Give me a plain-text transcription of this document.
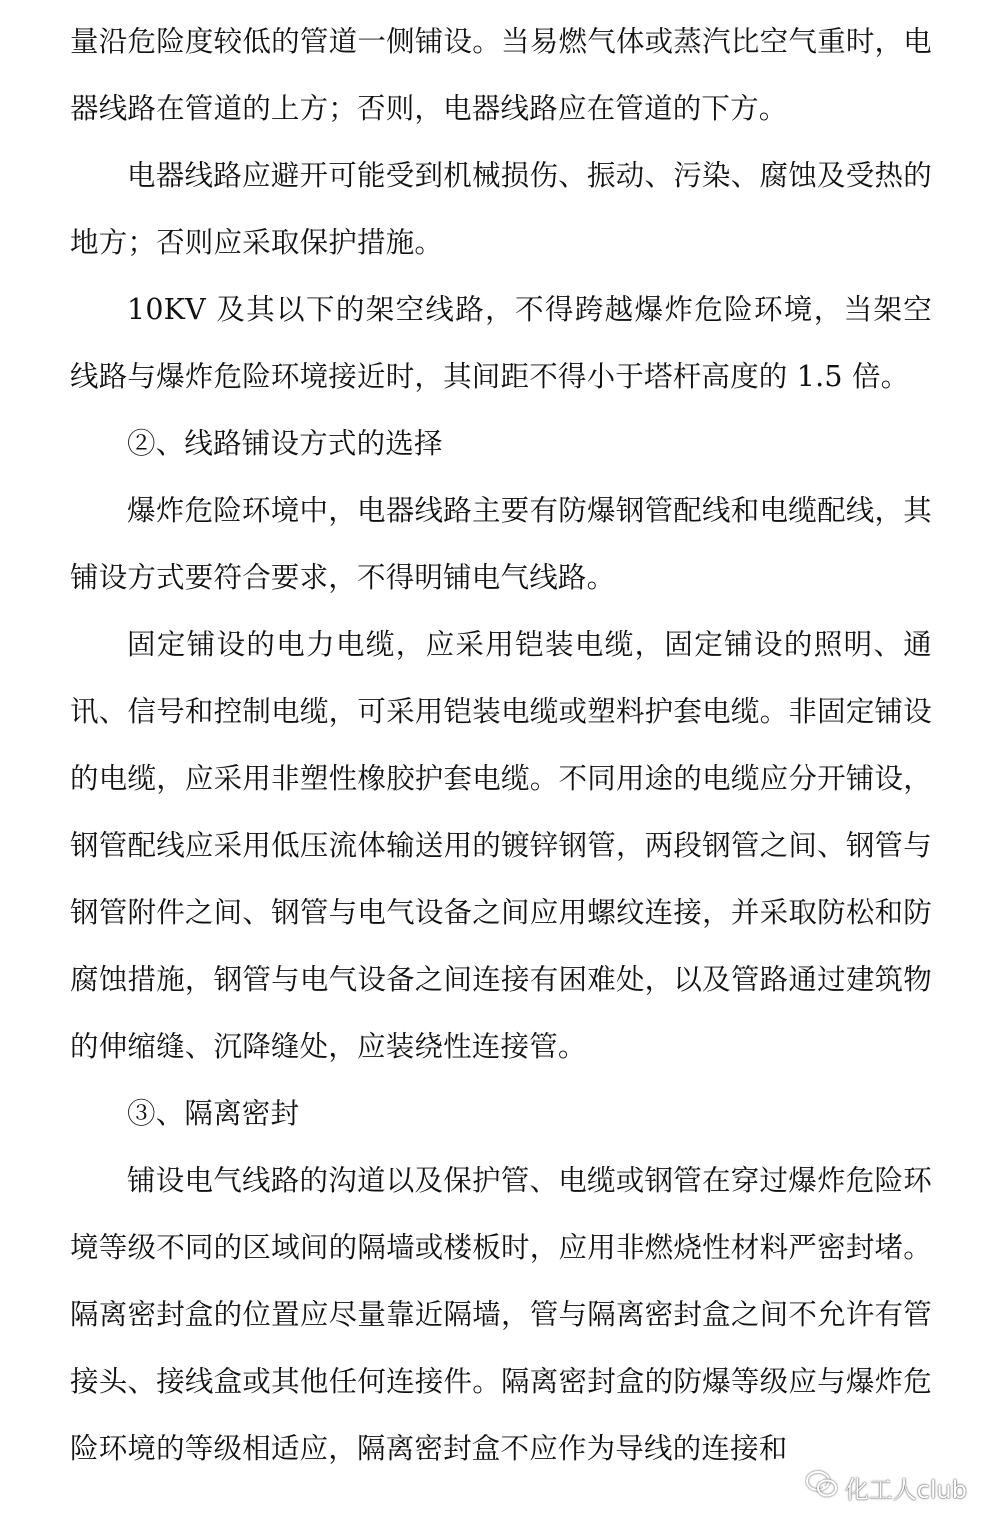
量沿危险度较低的管道一侧铺设。当易燃气体或蒸汽比空气重时，电器线路在管道的上方；否则，电器线路应在管道的下方。

电器线路应避开可能受到机械损伤、振动、污染、腐蚀及受热的地方；否则应采取保护措施。

10KV 及其以下的架空线路，不得跨越爆炸危险环境，当架空线路与爆炸危险环境接近时，其间距不得小于塔杆高度的 1.5 倍。

②、线路铺设方式的选择

爆炸危险环境中，电器线路主要有防爆钢管配线和电缆配线，其铺设方式要符合要求，不得明铺电气线路。

固定铺设的电力电缆，应采用铠装电缆，固定铺设的照明、通讯、信号和控制电缆，可采用铠装电缆或塑料护套电缆。非固定铺设的电缆，应采用非塑性橡胶护套电缆。不同用途的电缆应分开铺设，钢管配线应采用低压流体输送用的镀锌钢管，两段钢管之间、钢管与钢管附件之间、钢管与电气设备之间应用螺纹连接，并采取防松和防腐蚀措施，钢管与电气设备之间连接有困难处，以及管路通过建筑物的伸缩缝、沉降缝处，应装绕性连接管。

③、隔离密封

铺设电气线路的沟道以及保护管、电缆或钢管在穿过爆炸危险环境等级不同的区域间的隔墙或楼板时，应用非燃烧性材料严密封堵。隔离密封盒的位置应尽量靠近隔墙，管与隔离密封盒之间不允许有管接头、接线盒或其他任何连接件。隔离密封盒的防爆等级应与爆炸危险环境的等级相适应，隔离密封盒不应作为导线的连接和

化工人club
